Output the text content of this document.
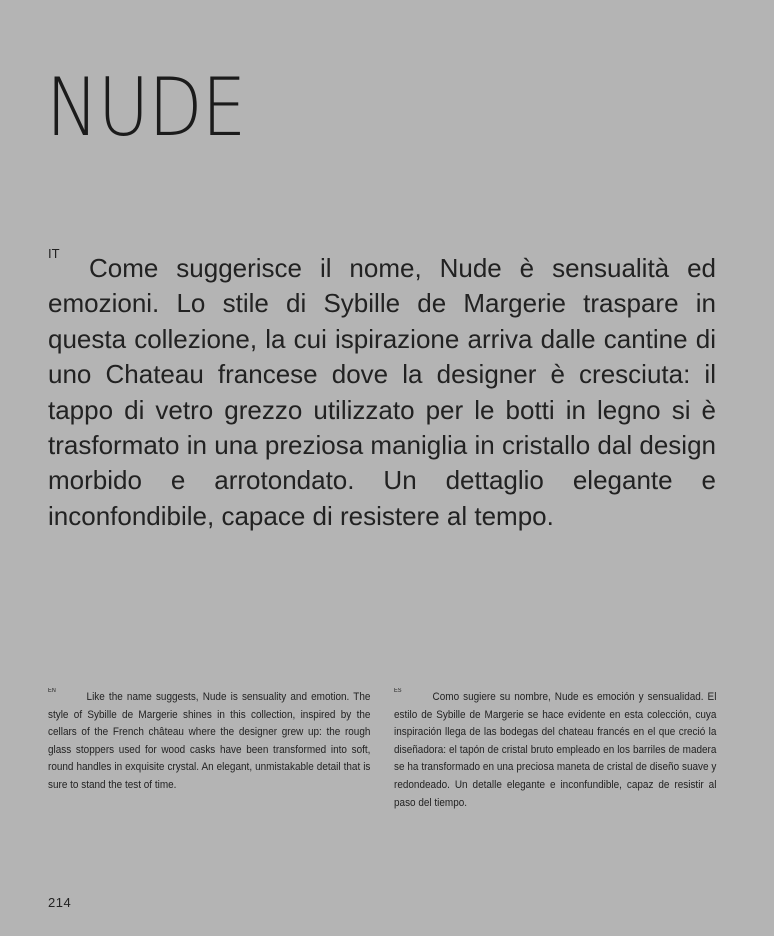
NUDE

IT Come suggerisce il nome, Nude è sensualità ed emozioni. Lo stile di Sybille de Margerie traspare in questa collezione, la cui ispirazione arriva dalle cantine di uno Chateau francese dove la designer è cresciuta: il tappo di vetro grezzo utilizzato per le botti in legno si è trasformato in una preziosa maniglia in cristallo dal design morbido e arrotondato. Un dettaglio elegante e inconfondibile, capace di resistere al tempo.

EN	Like the name suggests, Nude is sensuality and emotion. The style of Sybille de Margerie shines in this collection, inspired by the cellars of the French château where the designer grew up: the rough glass stoppers used for wood casks have been transformed into soft, round handles in exquisite crystal. An elegant, unmistakable detail that is sure to stand the test of time.

ES	Como sugiere su nombre, Nude es emoción y sensualidad. El estilo de Sybille de Margerie se hace evidente en esta colección, cuya inspiración llega de las bodegas del chateau francés en el que creció la diseñadora: el tapón de cristal bruto empleado en los barriles de madera se ha transformado en una preciosa maneta de cristal de diseño suave y redondeado. Un detalle elegante e inconfundible, capaz de resistir al paso del tiempo.

214
